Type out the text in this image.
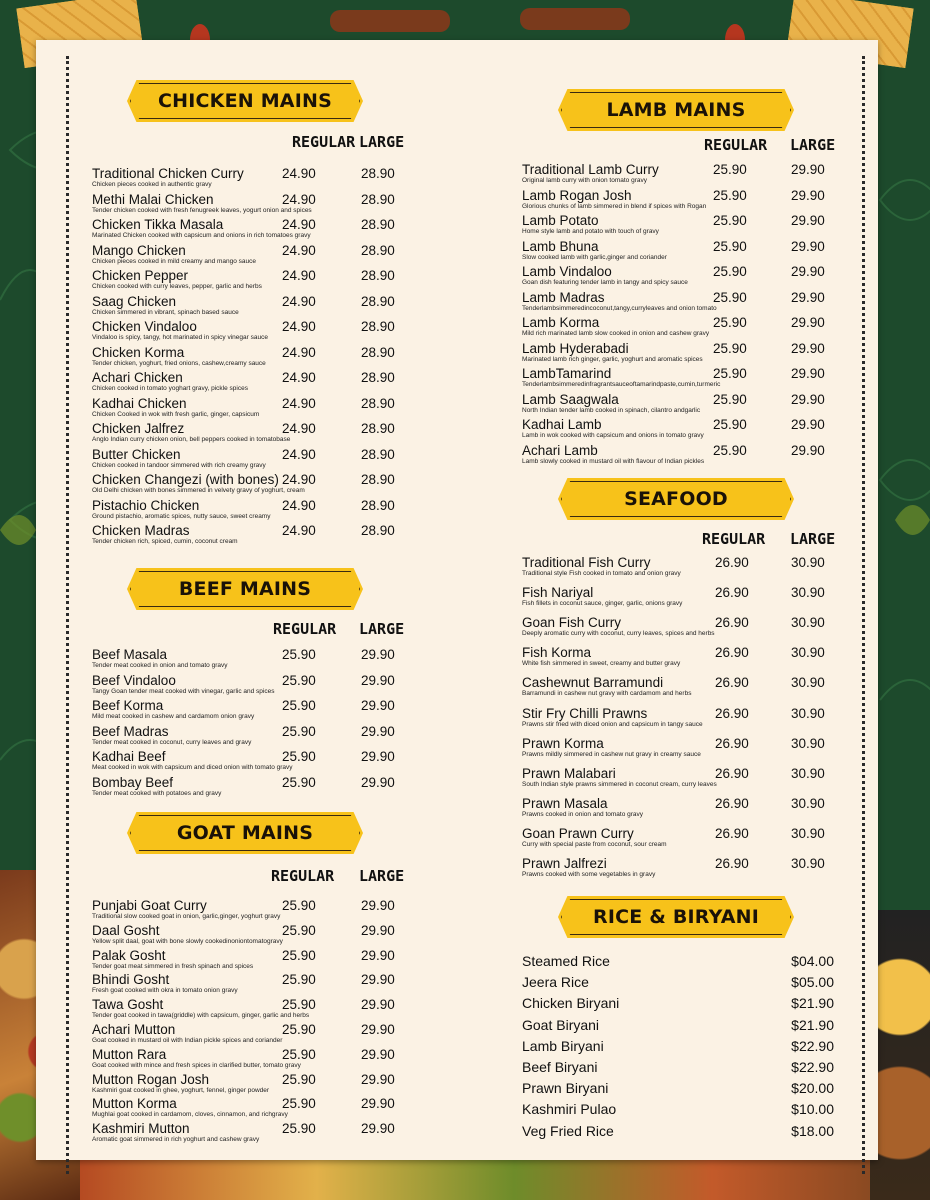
CHICKEN MAINS
BEEF MAINS
GOAT MAINS
LAMB MAINS
SEAFOOD
RICE & BIRYANI
REGULAR LARGE
REGULAR LARGE
REGULAR LARGE
REGULAR LARGE
REGULAR LARGE
Traditional Chicken Curry
Chicken pieces cooked in authentic gravy
24.90	28.90
Methi Malai Chicken
Tender chicken cooked with fresh fenugreek leaves, yogurt onion and spices
24.90	28.90
Chicken Tikka Masala
Marinated Chicken cooked with capsicum and onions in rich tomatoes gravy
24.90	28.90
Mango Chicken
Chicken pieces cooked in mild creamy and mango sauce
24.90	28.90
Chicken Pepper
Chicken cooked with curry leaves, pepper, garlic and herbs
24.90	28.90
Saag Chicken
Chicken simmered in vibrant, spinach based sauce
24.90	28.90
Chicken Vindaloo
Vindaloo is spicy, tangy, hot marinated in spicy vinegar sauce
24.90	28.90
Chicken Korma
Tender chicken, yoghurt, fried onions, cashew,creamy sauce
24.90	28.90
Achari Chicken
Chicken cooked in tomato yoghart gravy, pickle spices
24.90	28.90
Kadhai Chicken
Chicken Cooked in wok with fresh garlic, ginger, capsicum
24.90	28.90
Chicken Jalfrez
Anglo Indian curry chicken onion, bell peppers cooked in tomatobase
24.90	28.90
Butter Chicken
Chicken cooked in tandoor simmered with rich creamy gravy
24.90	28.90
Chicken Changezi (with bones)
Old Delhi chicken with bones simmered in velvety gravy of yoghurt, cream
24.90	28.90
Pistachio Chicken
Ground pistachio, aromatic spices, nutty sauce, sweet creamy
24.90	28.90
Chicken Madras
Tender chicken rich, spiced, cumin, coconut cream
24.90	28.90
Beef Masala
Tender meat cooked in onion and tomato gravy
25.90	29.90
Beef Vindaloo
Tangy Goan tender meat cooked with vinegar, garlic and spices
25.90	29.90
Beef Korma
Mild meat cooked in cashew and cardamom onion gravy
25.90	29.90
Beef Madras
Tender meat cooked in coconut, curry leaves and gravy
25.90	29.90
Kadhai Beef
Meat cooked in wok with capsicum and diced onion with tomato gravy
25.90	29.90
Bombay Beef
Tender meat cooked with potatoes and gravy
25.90	29.90
Punjabi Goat Curry
Traditional slow cooked goat in onion, garlic,ginger, yoghurt gravy
25.90	29.90
Daal Gosht
Yellow split daal, goat with bone slowly cookedinoniontomatogravy
25.90	29.90
Palak Gosht
Tender goat meat simmered in fresh spinach and spices
25.90	29.90
Bhindi Gosht
Fresh goat cooked with okra in tomato onion gravy
25.90	29.90
Tawa Gosht
Tender goat cooked in tawa(griddle) with capsicum, ginger, garlic and herbs
25.90	29.90
Achari Mutton
Goat cooked in mustard oil with Indian pickle spices and coriander
25.90	29.90
Mutton Rara
Goat cooked with mince and fresh spices in clarified butter, tomato gravy
25.90	29.90
Mutton Rogan Josh
Kashmiri goat cooked in ghee, yoghurt, fennel, ginger powder
25.90	29.90
Mutton Korma
Mughlai goat cooked in cardamom, cloves, cinnamon, and richgravy
25.90	29.90
Kashmiri Mutton
Aromatic goat simmered in rich yoghurt and cashew gravy
25.90	29.90
Traditional Lamb Curry
Original lamb curry with onion tomato gravy
25.90	29.90
Lamb Rogan Josh
Glorious chunks of lamb simmered in blend if spices with Rogan
25.90	29.90
Lamb Potato
Home style lamb and potato with touch of gravy
25.90	29.90
Lamb Bhuna
Slow cooked lamb with garlic,ginger and coriander
25.90	29.90
Lamb Vindaloo
Goan dish featuring tender lamb in tangy and spicy sauce
25.90	29.90
Lamb Madras
Tenderlambsimmeredincoconut,tangy,curryleaves and onion tomato
25.90	29.90
Lamb Korma
Mild rich marinated lamb slow cooked in onion and cashew gravy
25.90	29.90
Lamb Hyderabadi
Marinated lamb rich ginger, garlic, yoghurt and aromatic spices
25.90	29.90
LambTamarind
Tenderlambsimmeredinfragrantsauceoftamarindpaste,cumin,turmeric
25.90	29.90
Lamb Saagwala
North Indian tender lamb cooked in spinach, cilantro andgarlic
25.90	29.90
Kadhai Lamb
Lamb in wok cooked with capsicum and onions in tomato gravy
25.90	29.90
Achari Lamb
Lamb slowly cooked in mustard oil with flavour of Indian pickles
25.90	29.90
Traditional Fish Curry
Traditional style Fish cooked in tomato and onion gravy
26.90	30.90
Fish Nariyal
Fish fillets in coconut sauce, ginger, garlic, onions gravy
26.90	30.90
Goan Fish Curry
Deeply aromatic curry with coconut, curry leaves, spices and herbs
26.90	30.90
Fish Korma
White fish simmered in sweet, creamy and butter gravy
26.90	30.90
Cashewnut Barramundi
Barramundi in cashew nut gravy with cardamom and herbs
26.90	30.90
Stir Fry Chilli Prawns
Prawns stir fried with diced onion and capsicum in tangy sauce
26.90	30.90
Prawn Korma
Prawns mildly simmered in cashew nut gravy in creamy sauce
26.90	30.90
Prawn Malabari
South Indian style prawns simmered in coconut cream, curry leaves
26.90	30.90
Prawn Masala
Prawns cooked in onion and tomato gravy
26.90	30.90
Goan Prawn Curry
Curry with special paste from coconut, sour cream
26.90	30.90
Prawn Jalfrezi
Prawns cooked with some vegetables in gravy
26.90	30.90
Steamed Rice	$04.00
Jeera Rice	$05.00
Chicken Biryani	$21.90
Goat Biryani	$21.90
Lamb Biryani	$22.90
Beef Biryani	$22.90
Prawn Biryani	$20.00
Kashmiri Pulao	$10.00
Veg Fried Rice	$18.00
